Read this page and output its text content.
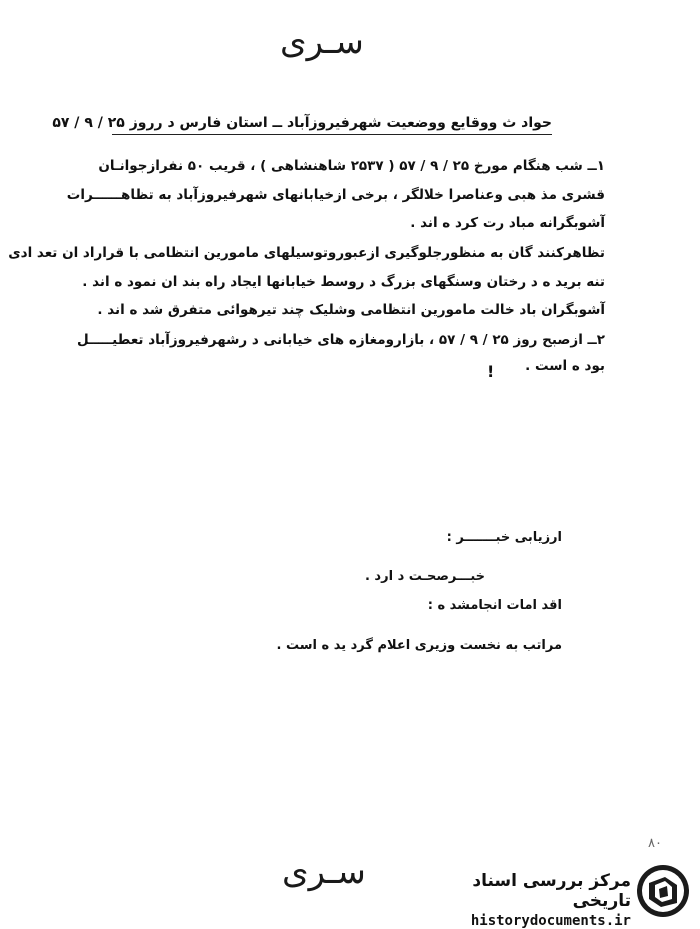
سـری
حواد ث ووقایع ووضعیت شهرفیروزآباد ــ استان فارس د رروز ۲۵ / ۹ / ۵۷
۱ــ شب هنگام مورخ ۲۵ / ۹ / ۵۷ ( ۲۵۳۷ شاهنشاهی ) ، قریب ۵۰ نفرازجوانـان
قشری مذ هبی وعناصرا خلالگر ، برخی ازخیابانهای شهرفیروزآباد به تظاهــــــرات
آشوبگرانه مباد رت کرد ه اند .
تظاهرکنند گان به منظورجلوگیری ازعبوروتوسیلهای مامورین انتظامی با قراراد ان تعد ادی
تنه برید ه د رختان وسنگهای بزرگ د روسط خیابانها ایجاد راه بند ان نمود ه اند .
آشوبگران باد خالت مامورین انتظامی وشلیک چند تیرهوائی متفرق شد ه اند .
۲ــ ازصبح روز ۲۵ / ۹ / ۵۷ ، بازارومغازه های خیابانی د رشهرفیروزآباد تعطیـــــل
بود ه است .
!
ارزیابی خبـــــــر :
خبـــرصحـت د ارد .
اقد امات انجامشد ه :
مراتب به نخست وزیری اعلام گرد ید ه است .
۸۰
سـری	مرکز بررسی اسناد تاریخی
historydocuments.ir
